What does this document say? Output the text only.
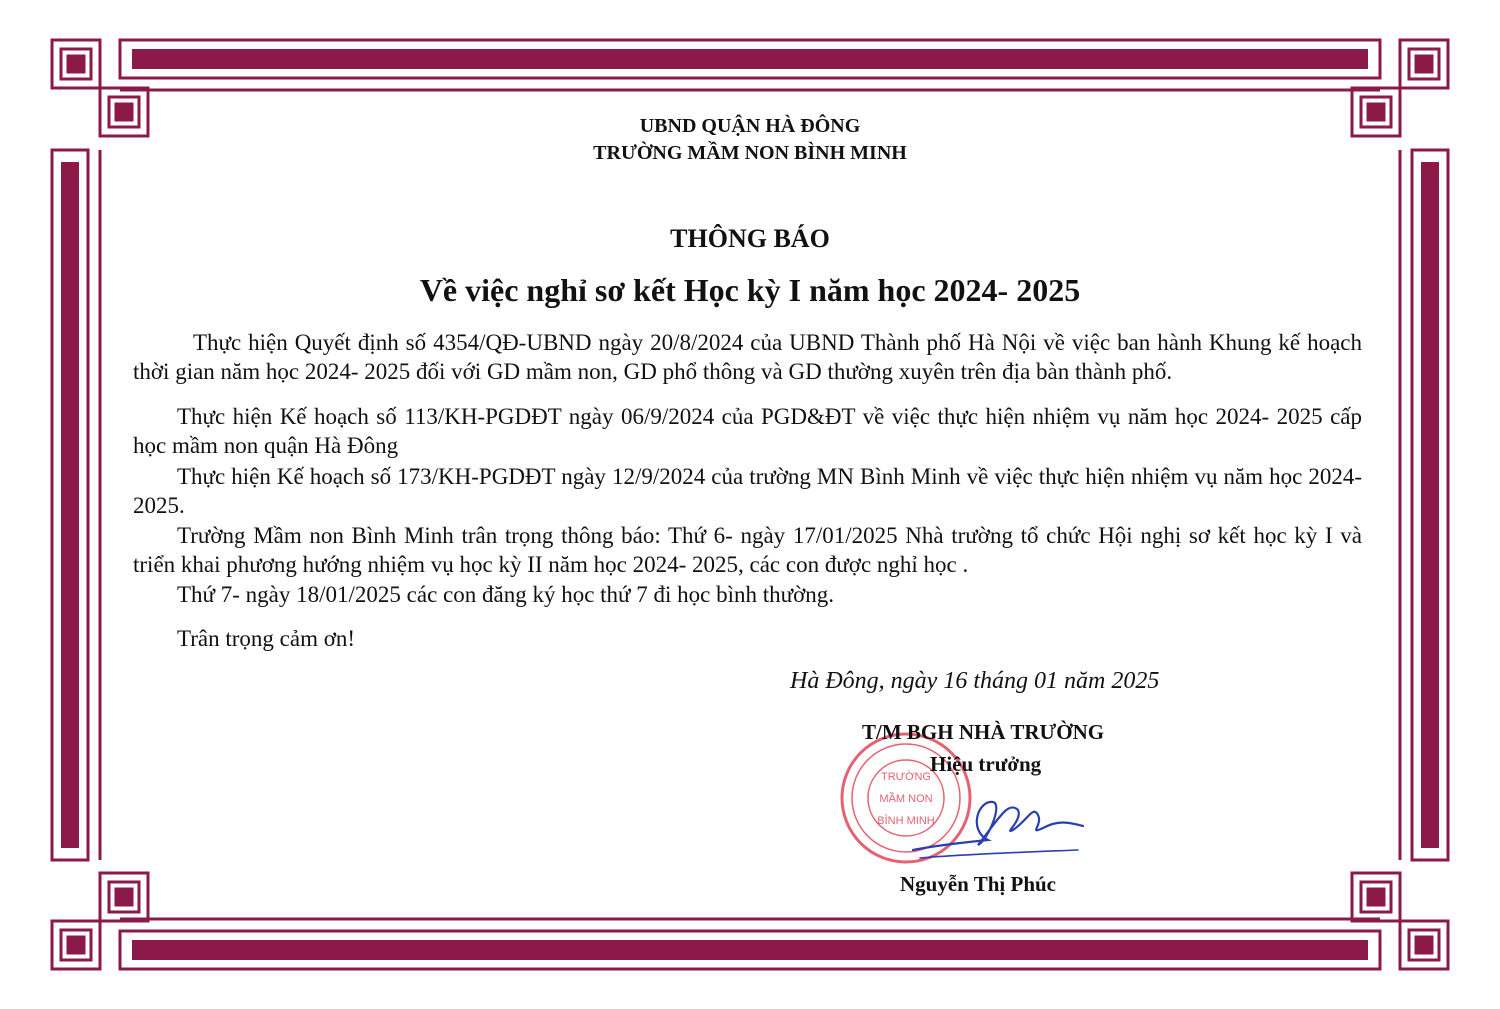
UBND QUẬN HÀ ĐÔNG
TRƯỜNG MẦM NON BÌNH MINH
THÔNG BÁO
Về việc nghỉ sơ kết Học kỳ I năm học 2024- 2025

Thực hiện Quyết định số 4354/QĐ-UBND ngày 20/8/2024 của UBND Thành phố Hà Nội về việc ban hành Khung kế hoạch thời gian năm học 2024- 2025 đối với GD mầm non, GD phổ thông và GD thường xuyên trên địa bàn thành phố.

Thực hiện Kế hoạch số 113/KH-PGDĐT ngày 06/9/2024 của PGD&ĐT về việc thực hiện nhiệm vụ năm học 2024- 2025 cấp học mầm non quận Hà Đông

Thực hiện Kế hoạch số 173/KH-PGDĐT ngày 12/9/2024 của trường MN Bình Minh về việc thực hiện nhiệm vụ năm học 2024- 2025.

Trường Mầm non Bình Minh trân trọng thông báo: Thứ 6- ngày 17/01/2025 Nhà trường tổ chức Hội nghị sơ kết học kỳ I và triển khai phương hướng nhiệm vụ học kỳ II năm học 2024- 2025, các con được nghỉ học .

Thứ 7- ngày 18/01/2025 các con đăng ký học thứ 7 đi học bình thường.

Trân trọng cảm ơn!

Hà Đông, ngày 16 tháng 01 năm 2025
TRƯỜNG
MẦM NON
BÌNH MINH
T/M BGH NHÀ TRƯỜNG
Hiệu trưởng
Nguyễn Thị Phúc
